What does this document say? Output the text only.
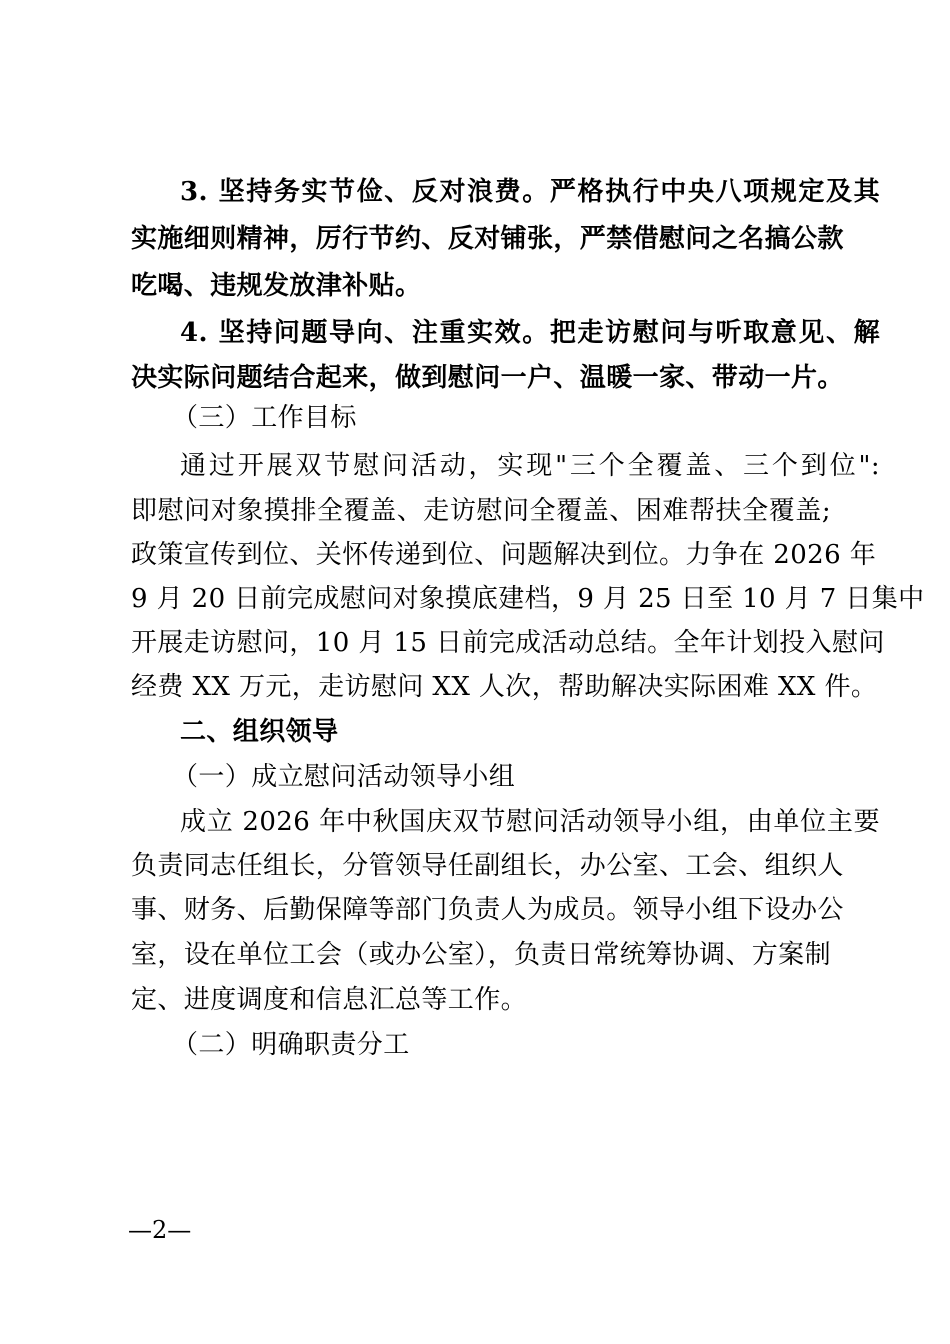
3. 坚持务实节俭、反对浪费。严格执行中央八项规定及其
实施细则精神，厉行节约、反对铺张，严禁借慰问之名搞公款
吃喝、违规发放津补贴。
4. 坚持问题导向、注重实效。把走访慰问与听取意见、解
决实际问题结合起来，做到慰问一户、温暖一家、带动一片。
（三）工作目标
通过开展双节慰问活动，实现"三个全覆盖、三个到位":
即慰问对象摸排全覆盖、走访慰问全覆盖、困难帮扶全覆盖;
政策宣传到位、关怀传递到位、问题解决到位。力争在 2026 年
9 月 20 日前完成慰问对象摸底建档，9 月 25 日至 10 月 7 日集中
开展走访慰问，10 月 15 日前完成活动总结。全年计划投入慰问
经费 XX 万元，走访慰问 XX 人次，帮助解决实际困难 XX 件。
二、组织领导
（一）成立慰问活动领导小组
成立 2026 年中秋国庆双节慰问活动领导小组，由单位主要
负责同志任组长，分管领导任副组长，办公室、工会、组织人
事、财务、后勤保障等部门负责人为成员。领导小组下设办公
室，设在单位工会（或办公室），负责日常统筹协调、方案制
定、进度调度和信息汇总等工作。
（二）明确职责分工
—2—
